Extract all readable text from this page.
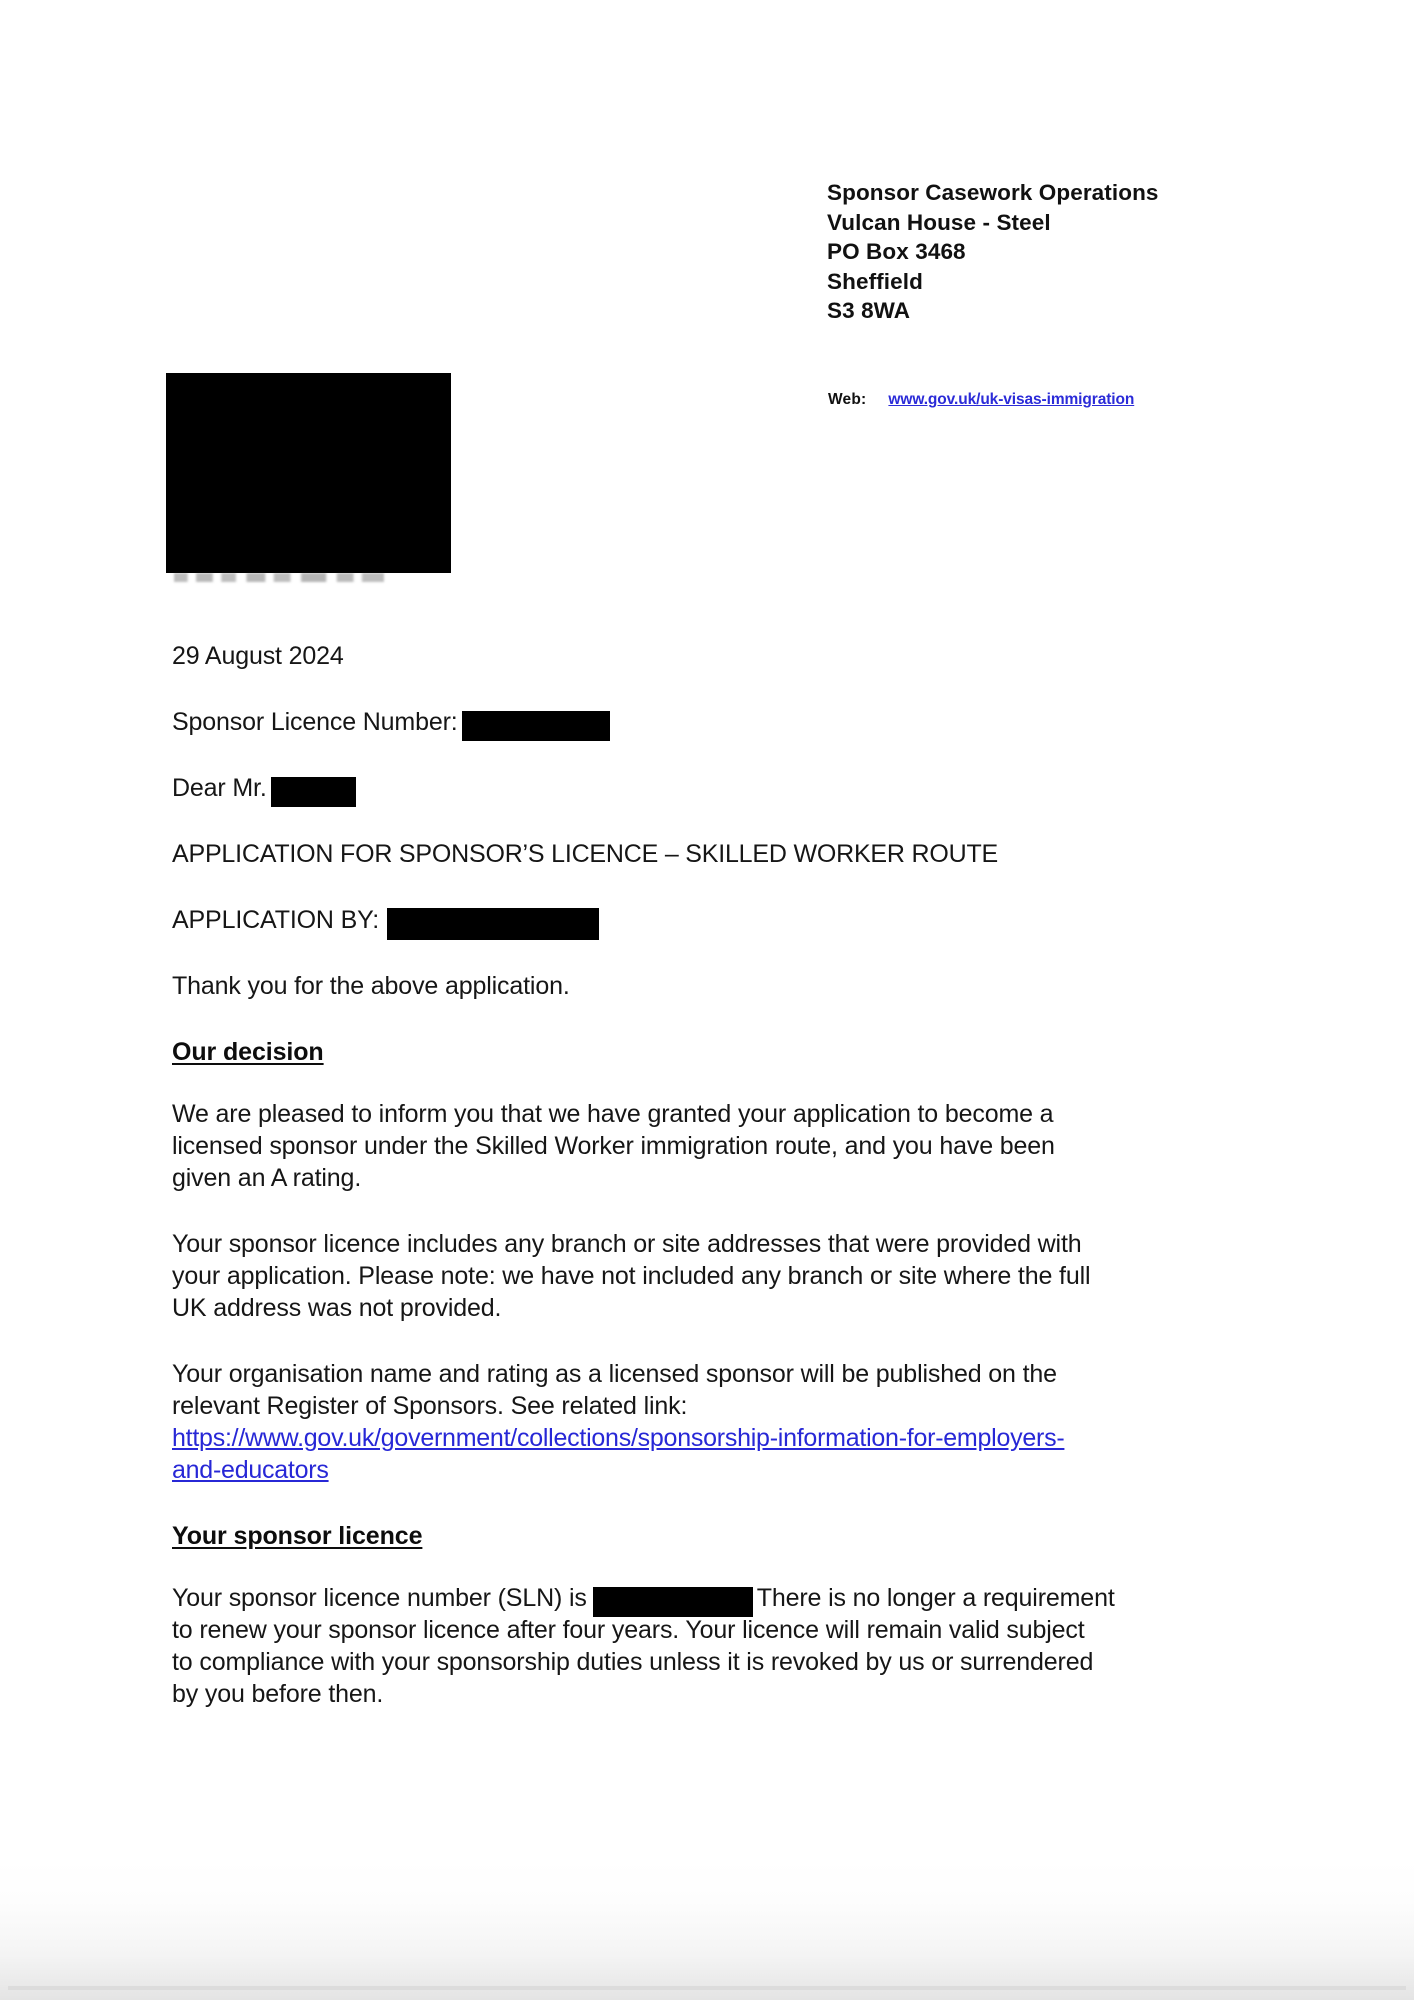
Sponsor Casework Operations
Vulcan House - Steel
PO Box 3468
Sheffield
S3 8WA
Web: www.gov.uk/uk-visas-immigration

29 August 2024

Sponsor Licence Number:

Dear Mr.

APPLICATION FOR SPONSOR’S LICENCE – SKILLED WORKER ROUTE

APPLICATION BY:

Thank you for the above application.

Our decision

We are pleased to inform you that we have granted your application to become a
licensed sponsor under the Skilled Worker immigration route, and you have been
given an A rating.

Your sponsor licence includes any branch or site addresses that were provided with
your application. Please note: we have not included any branch or site where the full
UK address was not provided.

Your organisation name and rating as a licensed sponsor will be published on the
relevant Register of Sponsors. See related link:
https://www.gov.uk/government/collections/sponsorship-information-for-employers-
and-educators

Your sponsor licence

Your sponsor licence number (SLN) is	There is no longer a requirement
to renew your sponsor licence after four years. Your licence will remain valid subject
to compliance with your sponsorship duties unless it is revoked by us or surrendered
by you before then.
